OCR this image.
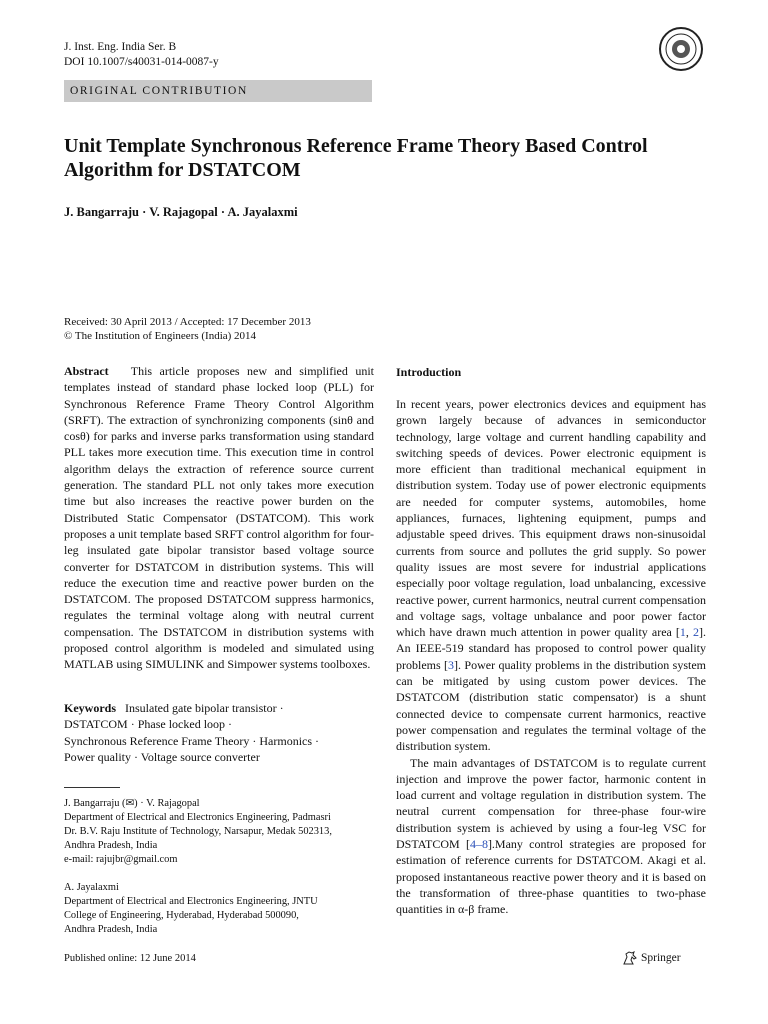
J. Inst. Eng. India Ser. B
DOI 10.1007/s40031-014-0087-y
ORIGINAL CONTRIBUTION
Unit Template Synchronous Reference Frame Theory Based Control Algorithm for DSTATCOM
J. Bangarraju · V. Rajagopal · A. Jayalaxmi
Received: 30 April 2013 / Accepted: 17 December 2013
© The Institution of Engineers (India) 2014
Abstract This article proposes new and simplified unit templates instead of standard phase locked loop (PLL) for Synchronous Reference Frame Theory Control Algorithm (SRFT). The extraction of synchronizing components (sinθ and cosθ) for parks and inverse parks transformation using standard PLL takes more execution time. This execution time in control algorithm delays the extraction of reference source current generation. The standard PLL not only takes more execution time but also increases the reactive power burden on the Distributed Static Compensator (DSTATCOM). This work proposes a unit template based SRFT control algorithm for four-leg insulated gate bipolar transistor based voltage source converter for DSTATCOM in distribution systems. This will reduce the execution time and reactive power burden on the DSTATCOM. The proposed DSTATCOM suppress harmonics, regulates the terminal voltage along with neutral current compensation. The DSTATCOM in distribution systems with proposed control algorithm is modeled and simulated using MATLAB using SIMULINK and Simpower systems toolboxes.
Keywords Insulated gate bipolar transistor ·
DSTATCOM · Phase locked loop ·
Synchronous Reference Frame Theory · Harmonics ·
Power quality · Voltage source converter
J. Bangarraju (✉) · V. Rajagopal
Department of Electrical and Electronics Engineering, Padmasri
Dr. B.V. Raju Institute of Technology, Narsapur, Medak 502313,
Andhra Pradesh, India
e-mail: rajujbr@gmail.com
A. Jayalaxmi
Department of Electrical and Electronics Engineering, JNTU
College of Engineering, Hyderabad, Hyderabad 500090,
Andhra Pradesh, India
Introduction

In recent years, power electronics devices and equipment has grown largely because of advances in semiconductor technology, large voltage and current handling capability and switching speeds of devices. Power electronic equipment is more efficient than traditional mechanical equipment in distribution system. Today use of power electronic equipments are needed for computer systems, automobiles, home appliances, furnaces, lightening equipment, pumps and adjustable speed drives. This equipment draws non-sinusoidal currents from source and pollutes the grid supply. So power quality issues are most severe for industrial applications especially poor voltage regulation, load unbalancing, excessive reactive power, current harmonics, neutral current compensation and voltage sags, voltage unbalance and poor power factor which have drawn much attention in power quality area [1, 2]. An IEEE-519 standard has proposed to control power quality problems [3]. Power quality problems in the distribution system can be mitigated by using custom power devices. The DSTATCOM (distribution static compensator) is a shunt connected device to compensate current harmonics, reactive power compensation and regulates the terminal voltage of the distribution system.

The main advantages of DSTATCOM is to regulate current injection and improve the power factor, harmonic content in load current and voltage regulation in distribution system. The neutral current compensation for three-phase four-wire distribution system is achieved by using a four-leg VSC for DSTATCOM [4–8].Many control strategies are proposed for estimation of reference currents for DSTATCOM. Akagi et al. proposed instantaneous reactive power theory and it is based on the transformation of three-phase quantities to two-phase quantities in α-β frame.

Published online: 12 June 2014	Springer
